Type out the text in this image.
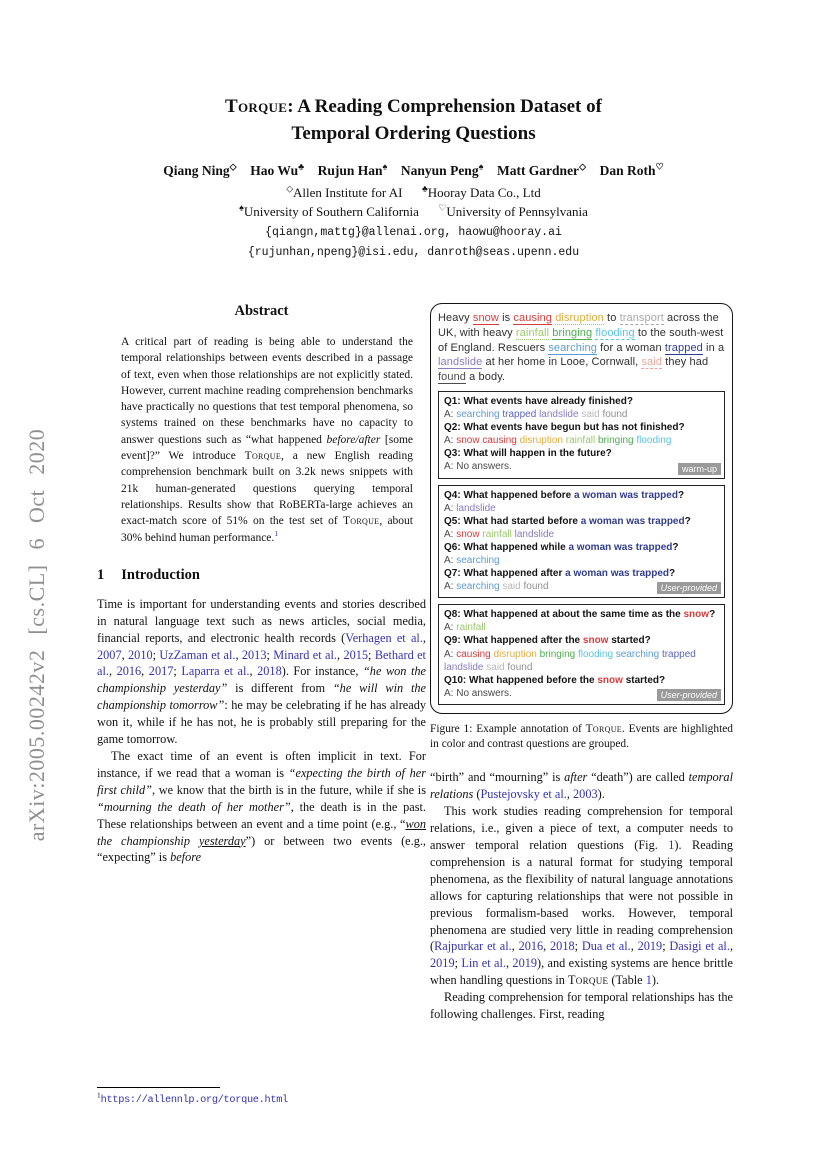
arXiv:2005.00242v2 [cs.CL] 6 Oct 2020
Torque: A Reading Comprehension Dataset of
Temporal Ordering Questions
Qiang Ning◇ Hao Wu♣ Rujun Han♠ Nanyun Peng♠ Matt Gardner◇ Dan Roth♡
◇Allen Institute for AI      ♣Hooray Data Co., Ltd
♠University of Southern California      ♡University of Pennsylvania
{qiangn,mattg}@allenai.org, haowu@hooray.ai
{rujunhan,npeng}@isi.edu, danroth@seas.upenn.edu
Abstract
A critical part of reading is being able to understand the temporal relationships between events described in a passage of text, even when those relationships are not explicitly stated. However, current machine reading comprehension benchmarks have practically no questions that test temporal phenomena, so systems trained on these benchmarks have no capacity to answer questions such as “what happened before/after [some event]?” We introduce Torque, a new English reading comprehension benchmark built on 3.2k news snippets with 21k human-generated questions querying temporal relationships. Results show that RoBERTa-large achieves an exact-match score of 51% on the test set of Torque, about 30% behind human performance.$^1$
1 Introduction
Time is important for understanding events and stories described in natural language text such as news articles, social media, financial reports, and electronic health records (Verhagen et al., 2007, 2010; UzZaman et al., 2013; Minard et al., 2015; Bethard et al., 2016, 2017; Laparra et al., 2018). For instance, “he won the championship yesterday” is different from “he will win the championship tomorrow”: he may be celebrating if he has already won it, while if he has not, he is probably still preparing for the game tomorrow.
The exact time of an event is often implicit in text. For instance, if we read that a woman is “expecting the birth of her first child”, we know that the birth is in the future, while if she is “mourning the death of her mother”, the death is in the past. These relationships between an event and a time point (e.g., “won the championship yesterday”) or between two events (e.g., “expecting” is before
$^1$https://allennlp.org/torque.html
Heavy snow is causing disruption to transport across the UK, with heavy rainfall bringing flooding to the south-west of England. Rescuers searching for a woman trapped in a landslide at her home in Looe, Cornwall, said they had found a body.
Q1: What events have already finished?
A: searching trapped landslide said found
Q2: What events have begun but has not finished?
A: snow causing disruption rainfall bringing flooding
Q3: What will happen in the future?
A: No answers.	warm-up
Q4: What happened before a woman was trapped?
A: landslide
Q5: What had started before a woman was trapped?
A: snow rainfall landslide
Q6: What happened while a woman was trapped?
A: searching
Q7: What happened after a woman was trapped?
A: searching said found	User-provided
Q8: What happened at about the same time as the snow?
A: rainfall
Q9: What happened after the snow started?
A: causing disruption bringing flooding searching trapped landslide said found
Q10: What happened before the snow started?
A: No answers.	User-provided
Figure 1: Example annotation of Torque. Events are highlighted in color and contrast questions are grouped.
“birth” and “mourning” is after “death”) are called temporal relations (Pustejovsky et al., 2003).
This work studies reading comprehension for temporal relations, i.e., given a piece of text, a computer needs to answer temporal relation questions (Fig. 1). Reading comprehension is a natural format for studying temporal phenomena, as the flexibility of natural language annotations allows for capturing relationships that were not possible in previous formalism-based works. However, temporal phenomena are studied very little in reading comprehension (Rajpurkar et al., 2016, 2018; Dua et al., 2019; Dasigi et al., 2019; Lin et al., 2019), and existing systems are hence brittle when handling questions in Torque (Table 1).
Reading comprehension for temporal relationships has the following challenges. First, reading
